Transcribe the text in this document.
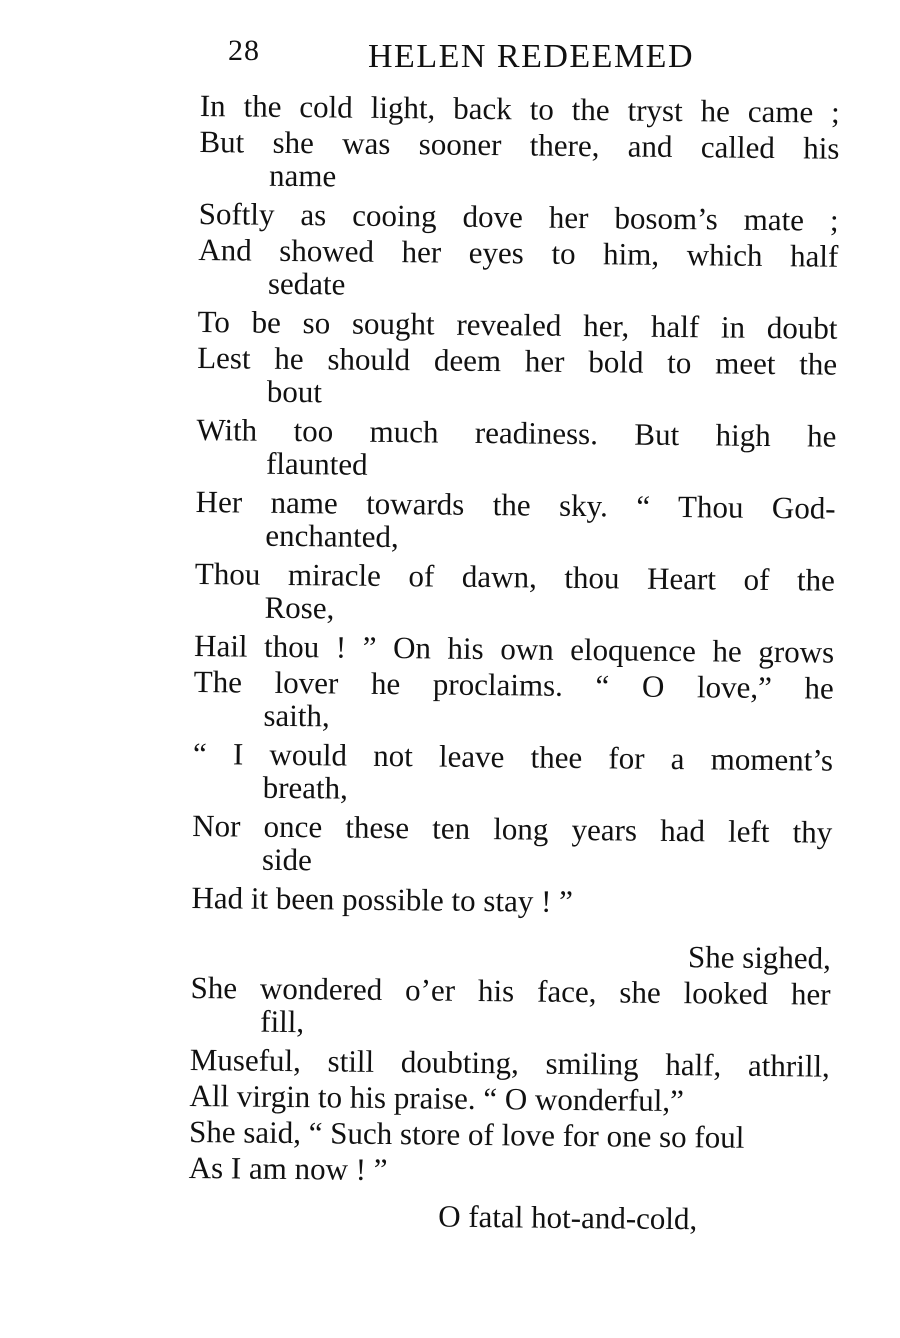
28	HELEN REDEEMED
In the cold light, back to the tryst he came ;
But she was sooner there, and called his
name
Softly as cooing dove her bosom’s mate ;
And showed her eyes to him, which half
sedate
To be so sought revealed her, half in doubt
Lest he should deem her bold to meet the
bout
With too much readiness. But high he
flaunted
Her name towards the sky. “ Thou God-
enchanted,
Thou miracle of dawn, thou Heart of the
Rose,
Hail thou ! ” On his own eloquence he grows
The lover he proclaims. “ O love,” he
saith,
“ I would not leave thee for a moment’s
breath,
Nor once these ten long years had left thy
side
Had it been possible to stay ! ”
She sighed,
She wondered o’er his face, she looked her
fill,
Museful, still doubting, smiling half, athrill,
All virgin to his praise. “ O wonderful,”
She said, “ Such store of love for one so foul
As I am now ! ”
O fatal hot-and-cold,
